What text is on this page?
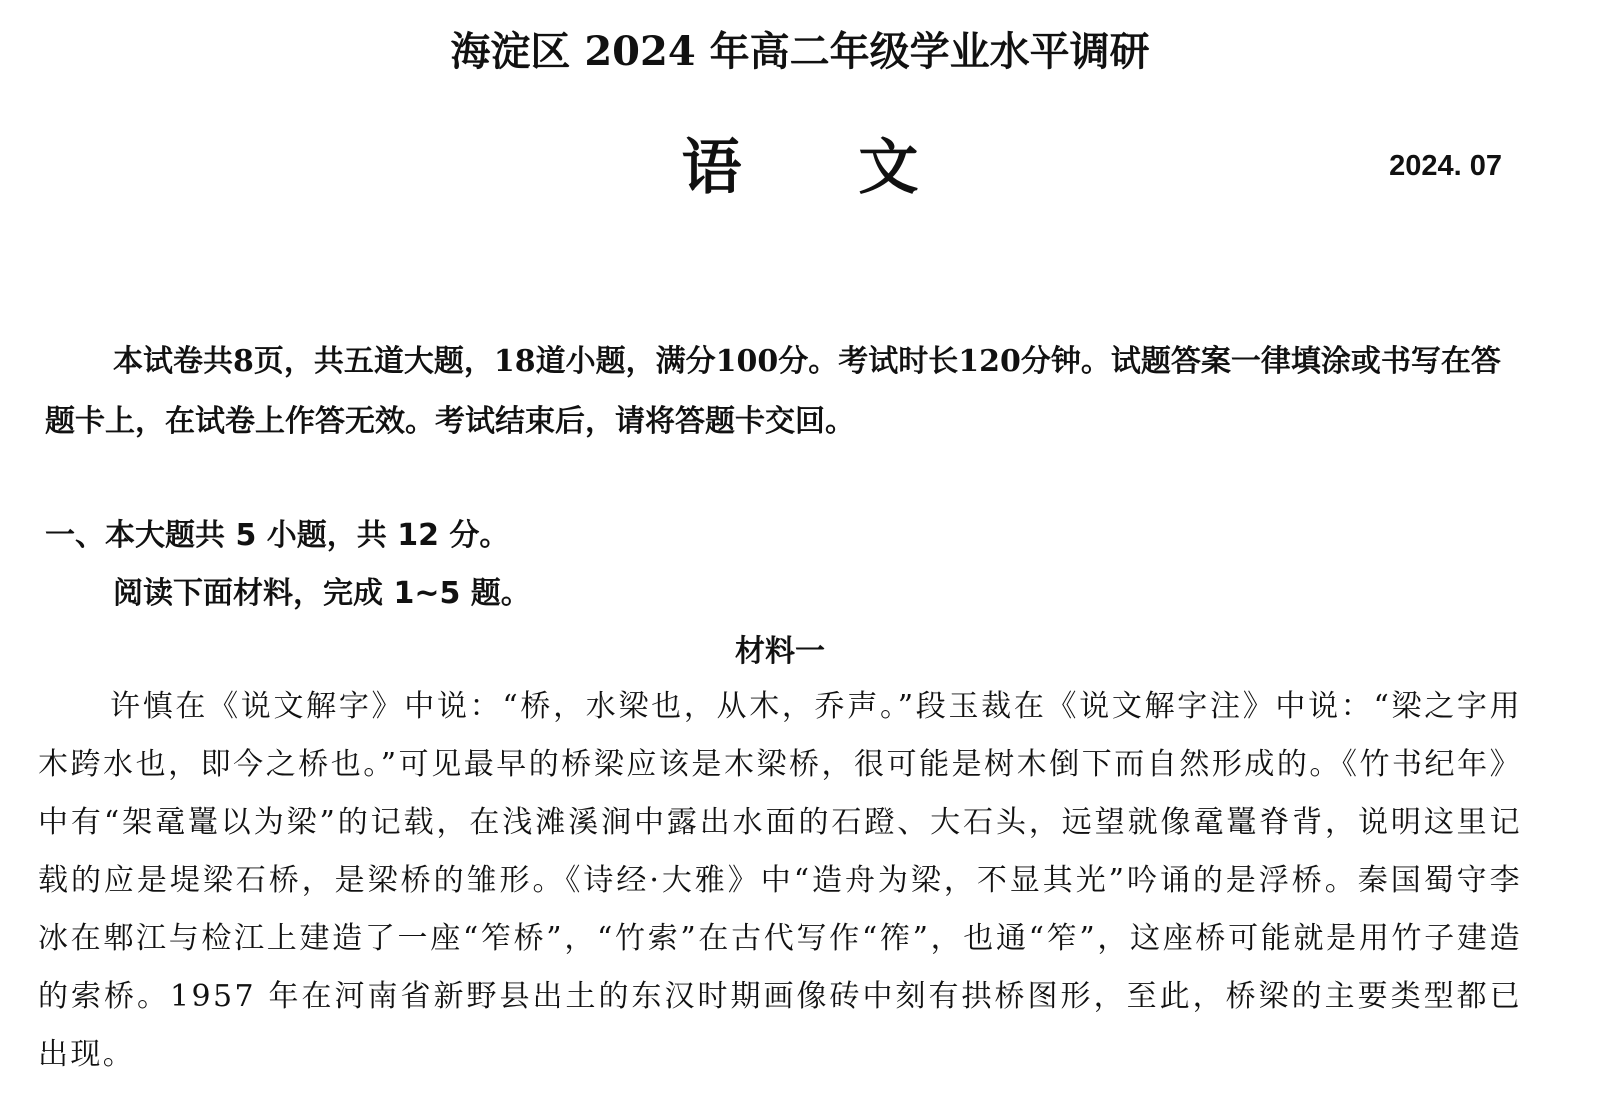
海淀区 2024 年高二年级学业水平调研
语 文	2024. 07
本试卷共8页，共五道大题，18道小题，满分100分。考试时长120分钟。试题答案一律填涂或书写在答题卡上，在试卷上作答无效。考试结束后，请将答题卡交回。
一、本大题共 5 小题，共 12 分。
阅读下面材料，完成 1~5 题。
材料一
许慎在《说文解字》中说：“桥，水梁也，从木，乔声。”段玉裁在《说文解字注》中说：“梁之字用木跨水也，即今之桥也。”可见最早的桥梁应该是木梁桥，很可能是树木倒下而自然形成的。《竹书纪年》中有“架鼋鼍以为梁”的记载，在浅滩溪涧中露出水面的石蹬、大石头，远望就像鼋鼍脊背，说明这里记载的应是堤梁石桥，是梁桥的雏形。《诗经·大雅》中“造舟为梁，不显其光”吟诵的是浮桥。秦国蜀守李冰在郫江与检江上建造了一座“笮桥”，“竹索”在古代写作“筰”，也通“笮”，这座桥可能就是用竹子建造的索桥。1957 年在河南省新野县出土的东汉时期画像砖中刻有拱桥图形，至此，桥梁的主要类型都已出现。
